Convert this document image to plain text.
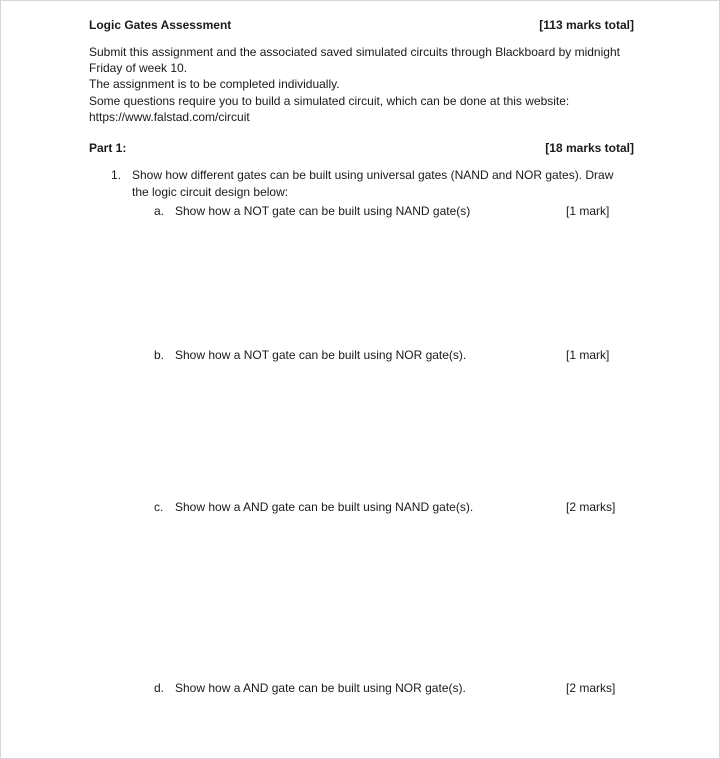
Logic Gates Assessment	[113 marks total]
Submit this assignment and the associated saved simulated circuits through Blackboard by midnight
Friday of week 10.
The assignment is to be completed individually.
Some questions require you to build a simulated circuit, which can be done at this website:
https://www.falstad.com/circuit
Part 1:	[18 marks total]
1. Show how different gates can be built using universal gates (NAND and NOR gates). Draw
the logic circuit design below:
a. Show how a NOT gate can be built using NAND gate(s)	[1 mark]
b. Show how a NOT gate can be built using NOR gate(s).	[1 mark]
c. Show how a AND gate can be built using NAND gate(s).	[2 marks]
d. Show how a AND gate can be built using NOR gate(s).	[2 marks]
